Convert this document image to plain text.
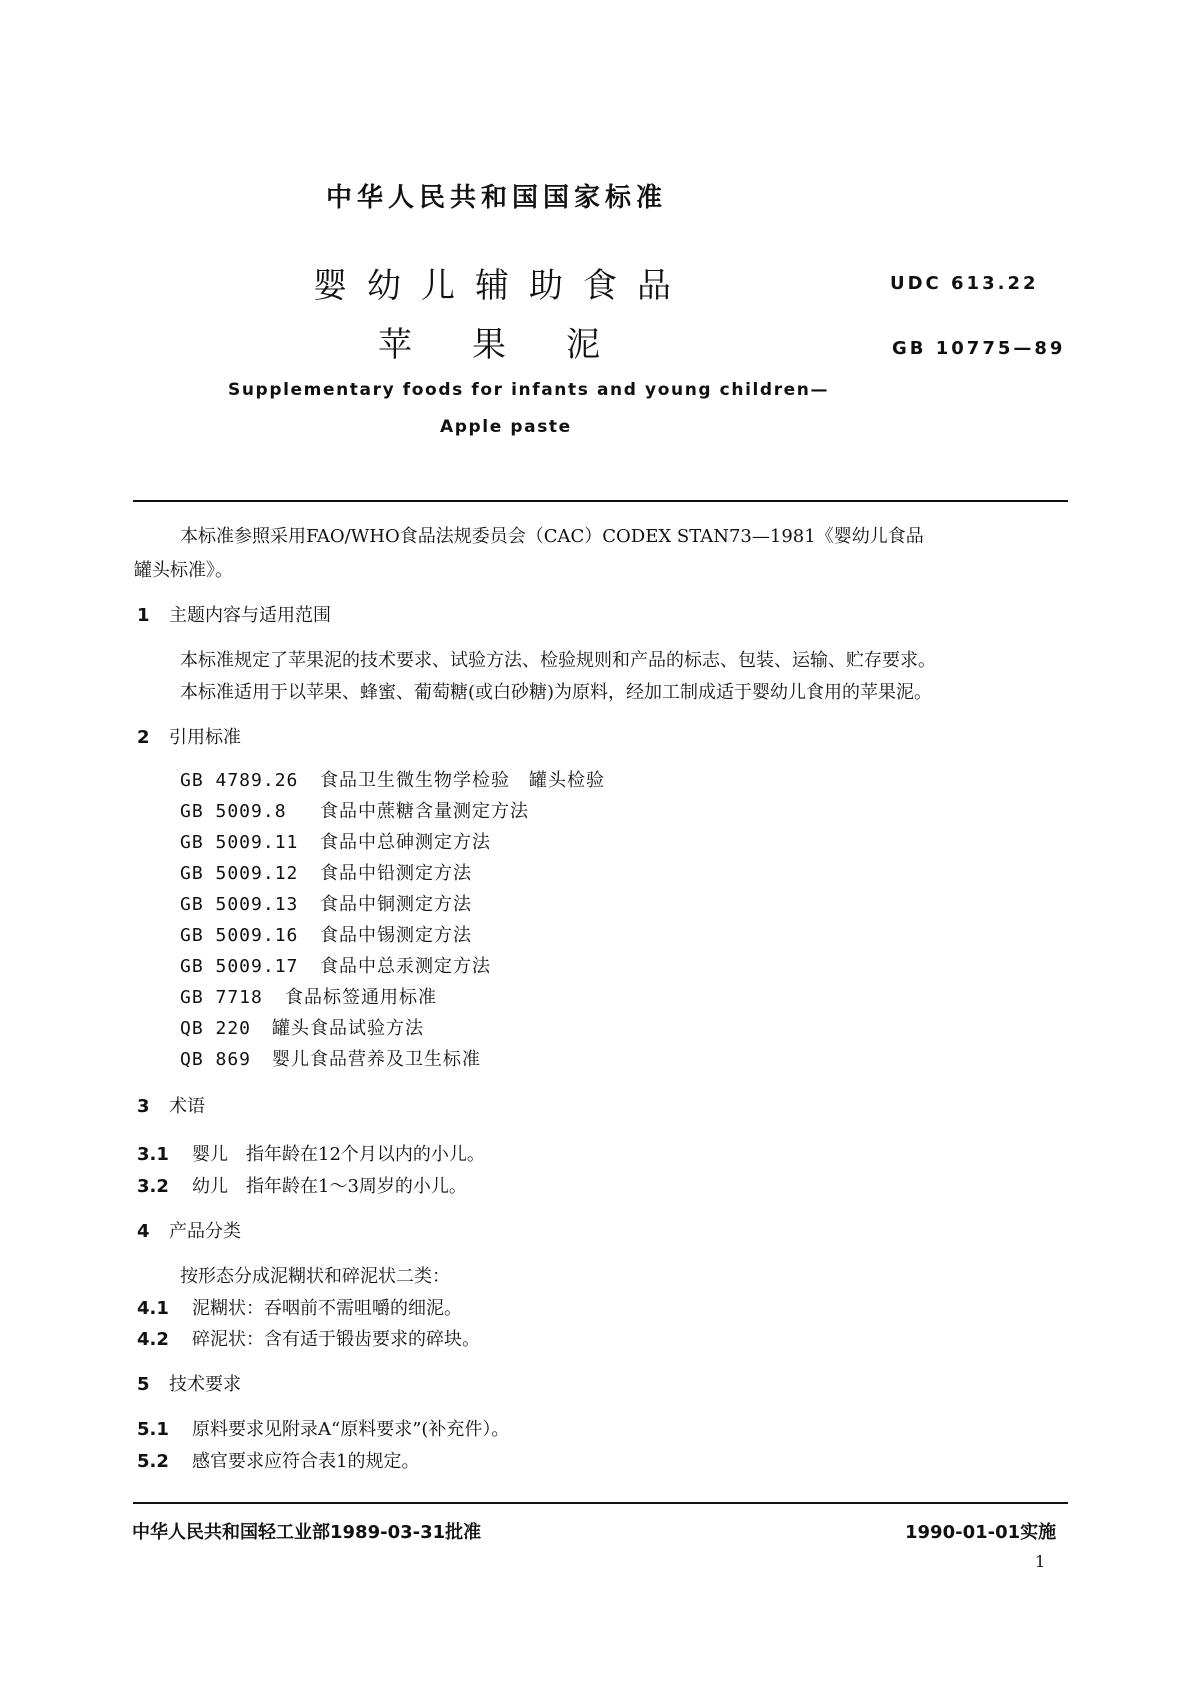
中华人民共和国国家标准
婴幼儿辅助食品
苹果泥
UDC 613.22
GB 10775—89
Supplementary foods for infants and young children—
Apple paste
本标准参照采用FAO/WHO食品法规委员会（CAC）CODEX STAN73—1981《婴幼儿食品
罐头标准》。
1 主题内容与适用范围
本标准规定了苹果泥的技术要求、试验方法、检验规则和产品的标志、包装、运输、贮存要求。
本标准适用于以苹果、蜂蜜、葡萄糖(或白砂糖)为原料，经加工制成适于婴幼儿食用的苹果泥。
2 引用标准
GB 4789.26 食品卫生微生物学检验　罐头检验
GB 5009.8 食品中蔗糖含量测定方法
GB 5009.11 食品中总砷测定方法
GB 5009.12 食品中铅测定方法
GB 5009.13 食品中铜测定方法
GB 5009.16 食品中锡测定方法
GB 5009.17 食品中总汞测定方法
GB 7718 食品标签通用标准
QB 220 罐头食品试验方法
QB 869 婴儿食品营养及卫生标准
3 术语
3.1 婴儿　指年龄在12个月以内的小儿。
3.2 幼儿　指年龄在1～3周岁的小儿。
4 产品分类
按形态分成泥糊状和碎泥状二类：
4.1 泥糊状：吞咽前不需咀嚼的细泥。
4.2 碎泥状：含有适于锻齿要求的碎块。
5 技术要求
5.1 原料要求见附录A“原料要求”(补充件）。
5.2 感官要求应符合表1的规定。
中华人民共和国轻工业部1989-03-31批准	1990-01-01实施
1
